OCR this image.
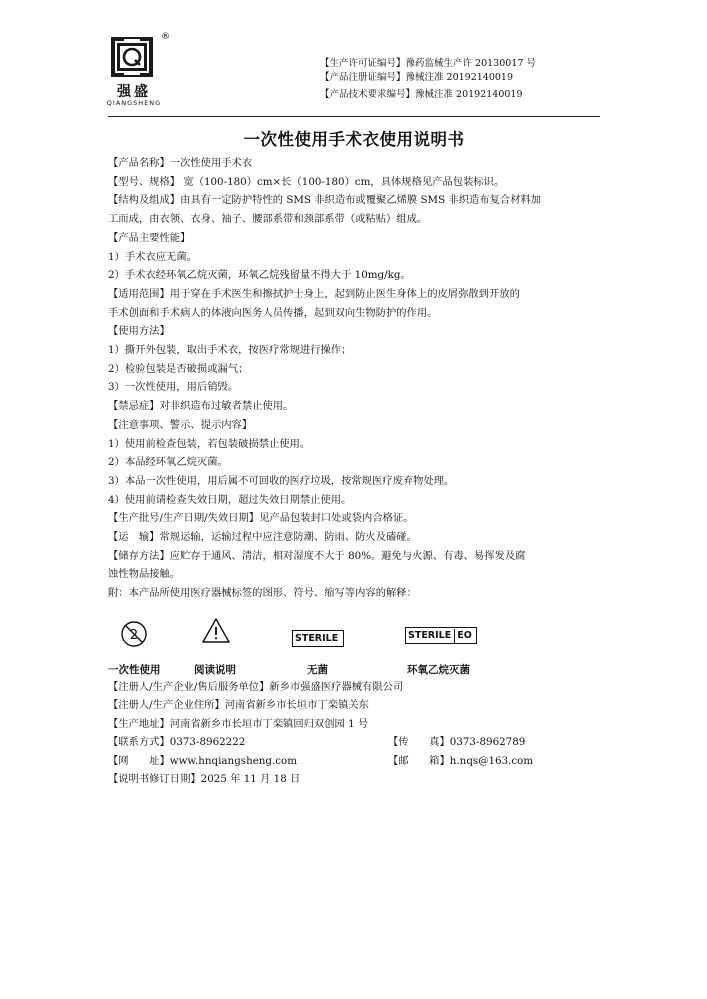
®
强盛
QIANGSHENG
【生产许可证编号】豫药监械生产许 20130017 号
【产品注册证编号】豫械注准 20192140019
【产品技术要求编号】豫械注准 20192140019
一次性使用手术衣使用说明书

【产品名称】一次性使用手术衣

【型号、规格】 宽（100-180）cm×长（100-180）cm，具体规格见产品包装标识。

【结构及组成】由具有一定防护特性的 SMS 非织造布或覆聚乙烯膜 SMS 非织造布复合材料加

工而成，由衣领、衣身、袖子、腰部系带和颈部系带（或粘贴）组成。

【产品主要性能】

1）手术衣应无菌。

2）手术衣经环氧乙烷灭菌，环氧乙烷残留量不得大于 10mg/kg。

【适用范围】用于穿在手术医生和擦拭护士身上，起到防止医生身体上的皮屑弥散到开放的

手术创面和手术病人的体液向医务人员传播，起到双向生物防护的作用。

【使用方法】

1）撕开外包装，取出手术衣，按医疗常规进行操作；

2）检验包装是否破损或漏气；

3）一次性使用，用后销毁。

【禁忌症】对非织造布过敏者禁止使用。

【注意事项、警示、提示内容】

1）使用前检查包装，若包装破损禁止使用。

2）本品经环氧乙烷灭菌。

3）本品一次性使用，用后属不可回收的医疗垃圾，按常规医疗废弃物处理。

4）使用前请检查失效日期，超过失效日期禁止使用。

【生产批号/生产日期/失效日期】见产品包装封口处或袋内合格证。

【运　输】常规运输，运输过程中应注意防潮、防雨、防火及磕碰。

【储存方法】应贮存于通风、清洁，相对湿度不大于 80%。避免与火源、有毒、易挥发及腐

蚀性物品接触。

附：本产品所使用医疗器械标签的图形、符号、缩写等内容的解释：

2	STERILE	STERILE EO
一次性使用	阅读说明	无菌	环氧乙烷灭菌
【注册人/生产企业/售后服务单位】新乡市强盛医疗器械有限公司
【注册人/生产企业住所】河南省新乡市长垣市丁栾镇关东
【生产地址】河南省新乡市长垣市丁栾镇回归双创园 1 号
【联系方式】0373-8962222	【传　　真】0373-8962789
【网　　址】www.hnqiangsheng.com	【邮　　箱】h.nqs@163.com
【说明书修订日期】2025 年 11 月 18 日
